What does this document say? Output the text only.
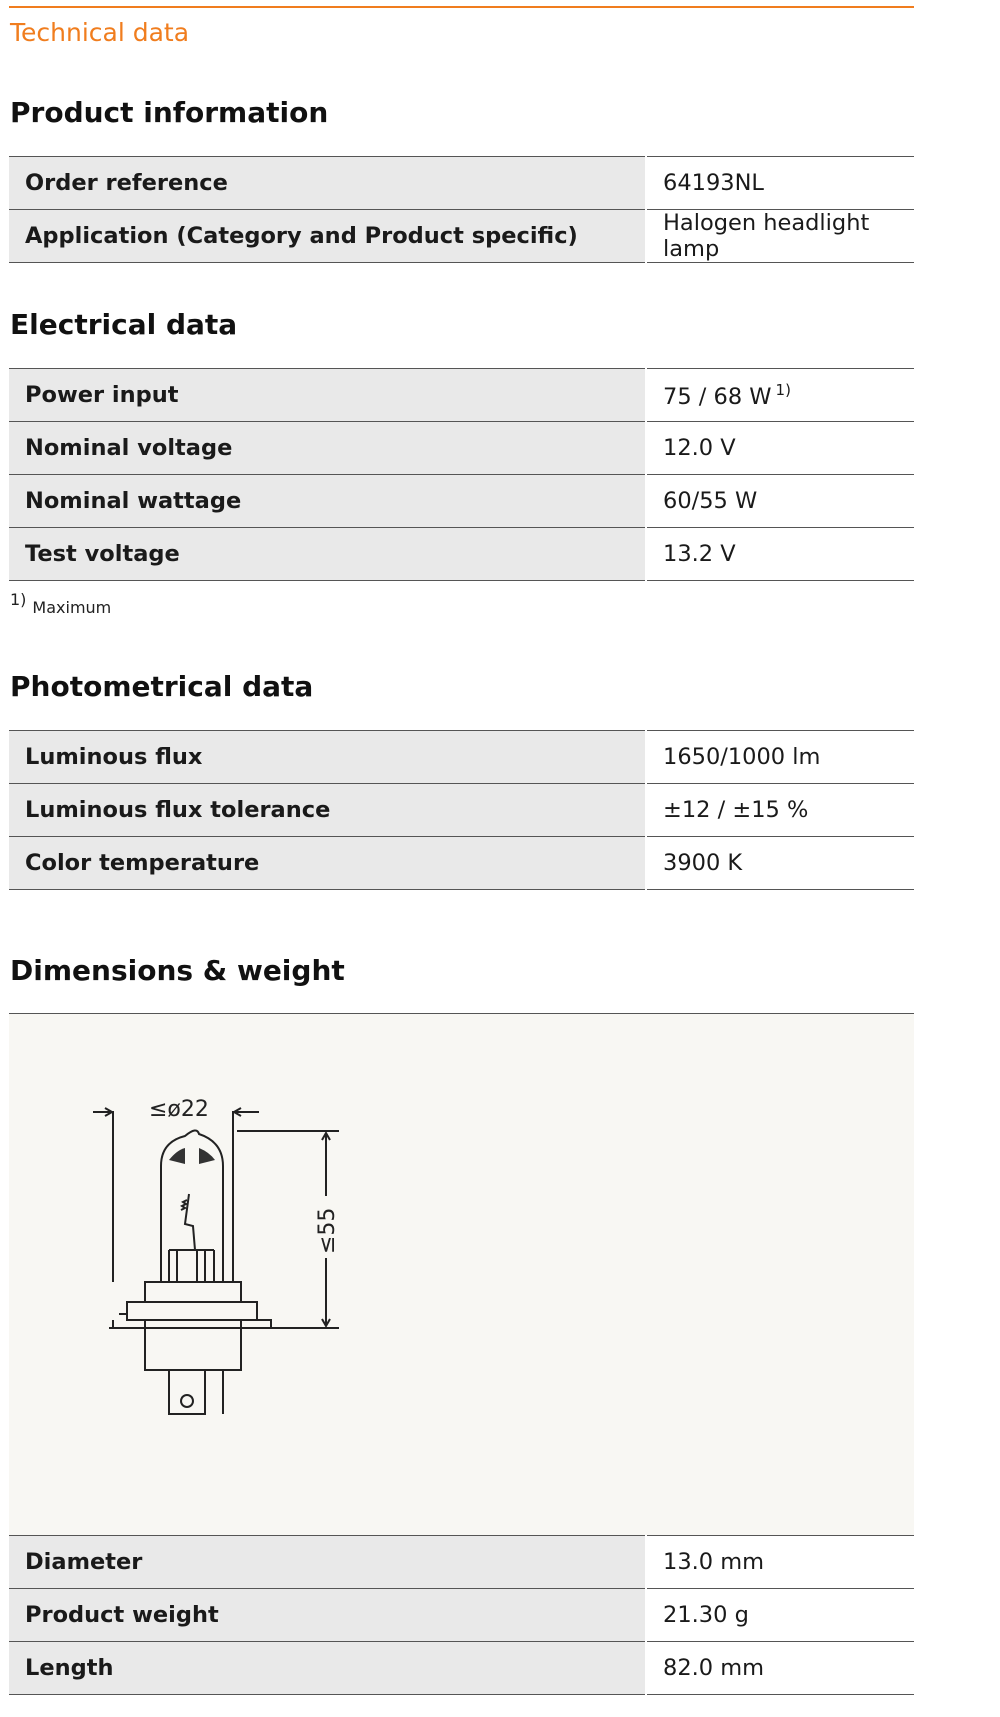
Technical data
Product information
Order reference	64193NL
Application (Category and Product specific)	Halogen headlight lamp
Electrical data
Power input	75 / 68 W $^{1)}$
Nominal voltage	12.0 V
Nominal wattage	60/55 W
Test voltage	13.2 V
1) Maximum
Photometrical data
Luminous flux	1650/1000 lm
Luminous flux tolerance	±12 / ±15 %
Color temperature	3900 K
Dimensions & weight
≤ø22
≤55
Diameter	13.0 mm
Product weight	21.30 g
Length	82.0 mm
